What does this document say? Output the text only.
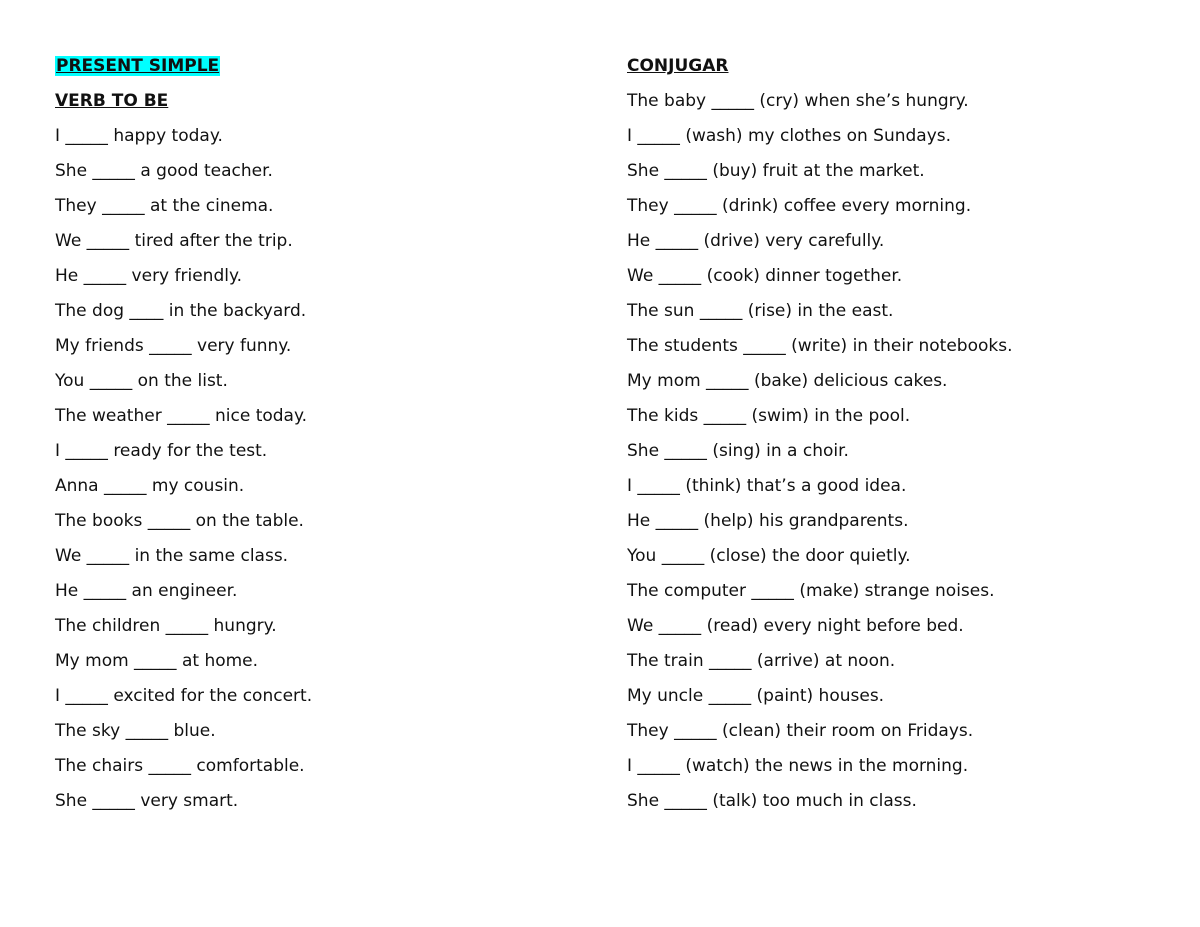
PRESENT SIMPLE
VERB TO BE
I _____ happy today.
She _____ a good teacher.
They _____ at the cinema.
We _____ tired after the trip.
He _____ very friendly.
The dog ____ in the backyard.
My friends _____ very funny.
You _____ on the list.
The weather _____ nice today.
I _____ ready for the test.
Anna _____ my cousin.
The books _____ on the table.
We _____ in the same class.
He _____ an engineer.
The children _____ hungry.
My mom _____ at home.
I _____ excited for the concert.
The sky _____ blue.
The chairs _____ comfortable.
She _____ very smart.
CONJUGAR
The baby _____ (cry) when she’s hungry.
I _____ (wash) my clothes on Sundays.
She _____ (buy) fruit at the market.
They _____ (drink) coffee every morning.
He _____ (drive) very carefully.
We _____ (cook) dinner together.
The sun _____ (rise) in the east.
The students _____ (write) in their notebooks.
My mom _____ (bake) delicious cakes.
The kids _____ (swim) in the pool.
She _____ (sing) in a choir.
I _____ (think) that’s a good idea.
He _____ (help) his grandparents.
You _____ (close) the door quietly.
The computer _____ (make) strange noises.
We _____ (read) every night before bed.
The train _____ (arrive) at noon.
My uncle _____ (paint) houses.
They _____ (clean) their room on Fridays.
I _____ (watch) the news in the morning.
She _____ (talk) too much in class.
